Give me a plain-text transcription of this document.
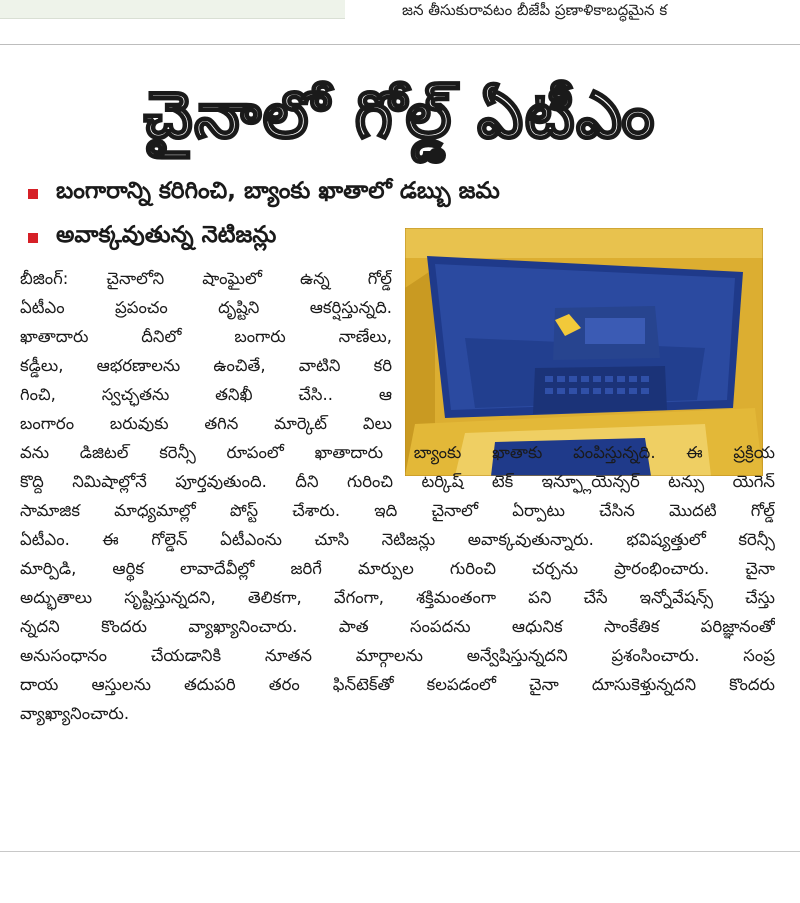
జన తీసుకురావటం బీజేపీ ప్రణాళికాబద్ధమైన క
చైనాలో గోల్డ్ ఏటీఎం
బంగారాన్ని కరిగించి, బ్యాంకు ఖాతాలో డబ్బు జమ
అవాక్కవుతున్న నెటిజన్లు
బీజింగ్: చైనాలోని షాంఘైలో ఉన్న గోల్డ్
ఏటీఎం ప్రపంచం దృష్టిని ఆకర్షిస్తున్నది.
ఖాతాదారు దీనిలో బంగారు నాణేలు,
కడ్డీలు, ఆభరణాలను ఉంచితే, వాటిని కరి
గించి, స్వచ్ఛతను తనిఖీ చేసి.. ఆ
బంగారం బరువుకు తగిన మార్కెట్ విలు
వను డిజిటల్ కరెన్సీ రూపంలో ఖాతాదారు బ్యాంకు ఖాతాకు పంపిస్తున్నది. ఈ ప్రక్రియ
కొద్ది నిమిషాల్లోనే పూర్తవుతుంది. దీని గురించి టర్కిష్ టెక్ ఇన్ఫ్లూయెన్సర్ టన్సు యెగెన్
సామాజిక మాధ్యమాల్లో పోస్ట్ చేశారు. ఇది చైనాలో ఏర్పాటు చేసిన మొదటి గోల్డ్
ఏటీఎం. ఈ గోల్డెన్ ఏటీఎంను చూసి నెటిజన్లు అవాక్కవుతున్నారు. భవిష్యత్తులో కరెన్సీ
మార్పిడి, ఆర్థిక లావాదేవీల్లో జరిగే మార్పుల గురించి చర్చను ప్రారంభించారు. చైనా
అద్భుతాలు సృష్టిస్తున్నదని, తెలికగా, వేగంగా, శక్తిమంతంగా పని చేసే ఇన్నోవేషన్స్ చేస్తు
న్నదని కొందరు వ్యాఖ్యానించారు. పాత సంపదను ఆధునిక సాంకేతిక పరిజ్ఞానంతో
అనుసంధానం చేయడానికి నూతన మార్గాలను అన్వేషిస్తున్నదని ప్రశంసించారు. సంప్ర
దాయ ఆస్తులను తదుపరి తరం ఫిన్‌టెక్‌తో కలపడంలో చైనా దూసుకెళ్తున్నదని కొందరు
వ్యాఖ్యానించారు.
